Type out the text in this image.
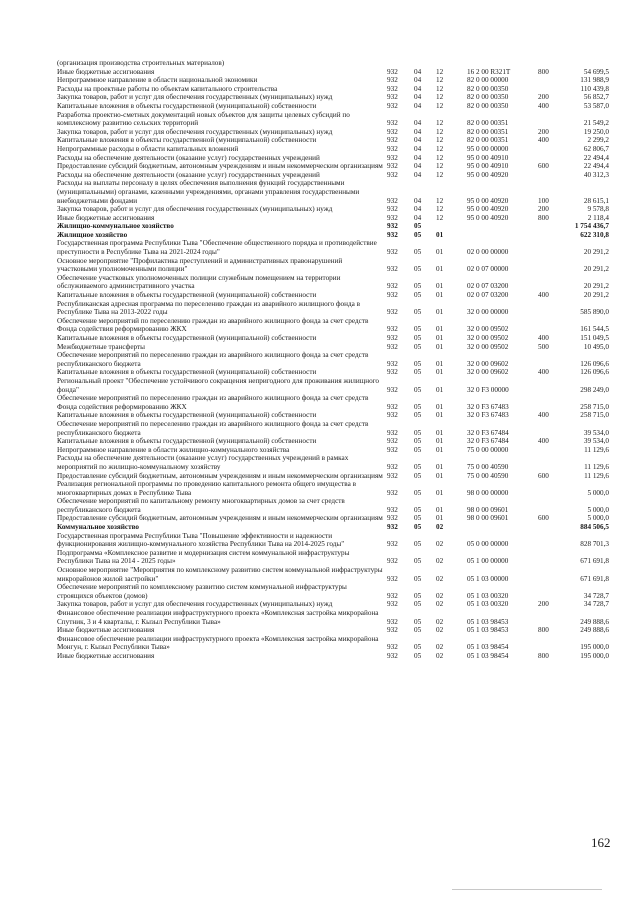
(организация производства строительных материалов)
Иные бюджетные ассигнования	932 04 12	16 2 00 R321T	800	54 699,5
Непрограммное направление в области национальной экономики	932 04 12	82 0 00 00000	131 988,9
Расходы на проектные работы по объектам капитального строительства	932 04 12	82 0 00 00350	110 439,8
Закупка товаров, работ и услуг для обеспечения государственных (муниципальных) нужд	932 04 12	82 0 00 00350	200	56 852,7
Капитальные вложения в объекты государственной (муниципальной) собственности	932 04 12	82 0 00 00350	400	53 587,0
Разработка проектно-сметных документаций новых объектов для защиты целевых субсидий по комплексному развитию сельских территорий	932 04 12	82 0 00 00351	21 549,2
Закупка товаров, работ и услуг для обеспечения государственных (муниципальных) нужд	932 04 12	82 0 00 00351	200	19 250,0
Капитальные вложения в объекты государственной (муниципальной) собственности	932 04 12	82 0 00 00351	400	2 299,2
Непрограммные расходы в области капитальных вложений	932 04 12	95 0 00 00000	62 806,7
Расходы на обеспечение деятельности (оказание услуг) государственных учреждений	932 04 12	95 0 00 40910	22 494,4
Предоставление субсидий бюджетным, автономным учреждениям и иным некоммерческим организациям 932 04 12	95 0 00 40910	600	22 494,4
Расходы на обеспечение деятельности (оказание услуг) государственных учреждений	932 04 12	95 0 00 40920	40 312,3
Расходы на выплаты персоналу в целях обеспечения выполнения функций государственными (муниципальными) органами, казенными учреждениями, органами управления государственными внебюджетными фондами	932 04 12	95 0 00 40920	100	28 615,1
Закупка товаров, работ и услуг для обеспечения государственных (муниципальных) нужд	932 04 12	95 0 00 40920	200	9 578,8
Иные бюджетные ассигнования	932 04 12	95 0 00 40920	800	2 118,4
Жилищно-коммунальное хозяйство	932 05	1 754 436,7
Жилищное хозяйство	932 05 01	622 310,8
Государственная программа Республики Тыва "Обеспечение общественного порядка и противодействие преступности в Республике Тыва на 2021-2024 годы"	932 05 01	02 0 00 00000	20 291,2
Основное мероприятие "Профилактика преступлений и административных правонарушений участковыми уполномоченными полиции"	932 05 01	02 0 07 00000	20 291,2
Обеспечение участковых уполномоченных полиции служебным помещением на территории обслуживаемого административного участка	932 05 01	02 0 07 03200	20 291,2
Капитальные вложения в объекты государственной (муниципальной) собственности	932 05 01	02 0 07 03200	400	20 291,2
Республиканская адресная программа по переселению граждан из аварийного жилищного фонда в Республике Тыва на 2013-2022 годы	932 05 01	32 0 00 00000	585 890,0
Обеспечение мероприятий по переселению граждан из аварийного жилищного фонда за счет средств Фонда содействия реформированию ЖКХ	932 05 01	32 0 00 09502	161 544,5
Капитальные вложения в объекты государственной (муниципальной) собственности	932 05 01	32 0 00 09502	400	151 049,5
Межбюджетные трансферты	932 05 01	32 0 00 09502	500	10 495,0
Обеспечение мероприятий по переселению граждан из аварийного жилищного фонда за счет средств республиканского бюджета	932 05 01	32 0 00 09602	126 096,6
Капитальные вложения в объекты государственной (муниципальной) собственности	932 05 01	32 0 00 09602	400	126 096,6
Региональный проект "Обеспечение устойчивого сокращения непригодного для проживания жилищного фонда"	932 05 01	32 0 F3 00000	298 249,0
Обеспечение мероприятий по переселению граждан из аварийного жилищного фонда за счет средств Фонда содействия реформированию ЖКХ	932 05 01	32 0 F3 67483	258 715,0
Капитальные вложения в объекты государственной (муниципальной) собственности	932 05 01	32 0 F3 67483	400	258 715,0
Обеспечение мероприятий по переселению граждан из аварийного жилищного фонда за счет средств республиканского бюджета	932 05 01	32 0 F3 67484	39 534,0
Капитальные вложения в объекты государственной (муниципальной) собственности	932 05 01	32 0 F3 67484	400	39 534,0
Непрограммное направление в области жилищно-коммунального хозяйства	932 05 01	75 0 00 00000	11 129,6
Расходы на обеспечение деятельности (оказание услуг) государственных учреждений в рамках мероприятий по жилищно-коммунальному хозяйству	932 05 01	75 0 00 40590	11 129,6
Предоставление субсидий бюджетным, автономным учреждениям и иным некоммерческим организациям 932 05 01	75 0 00 40590	600	11 129,6
Реализация региональной программы по проведению капитального ремонта общего имущества в многоквартирных домах в Республике Тыва	932 05 01	98 0 00 00000	5 000,0
Обеспечение мероприятий по капитальному ремонту многоквартирных домов за счет средств республиканского бюджета	932 05 01	98 0 00 09601	5 000,0
Предоставление субсидий бюджетным, автономным учреждениям и иным некоммерческим организациям 932 05 01	98 0 00 09601	600	5 000,0
Коммунальное хозяйство	932 05 02	884 506,5
Государственная программа Республики Тыва "Повышение эффективности и надежности функционирования жилищно-коммунального хозяйства Республики Тыва на 2014-2025 годы"	932 05 02	05 0 00 00000	828 701,3
Подпрограмма «Комплексное развитие и модернизация систем коммунальной инфраструктуры Республики Тыва на 2014 - 2025 годы»	932 05 02	05 1 00 00000	671 691,8
Основное мероприятие "Мероприятия по комплексному развитию систем коммунальной инфраструктуры микрорайонов жилой застройки"	932 05 02	05 1 03 00000	671 691,8
Обеспечение мероприятий по комплексному развитию систем коммунальной инфраструктуры строящихся объектов (домов)	932 05 02	05 1 03 00320	34 728,7
Закупка товаров, работ и услуг для обеспечения государственных (муниципальных) нужд	932 05 02	05 1 03 00320	200	34 728,7
Финансовое обеспечение реализации инфраструктурного проекта «Комплексная застройка микрорайона Спутник, 3 и 4 кварталы, г. Кызыл Республики Тыва»	932 05 02	05 1 03 98453	249 888,6
Иные бюджетные ассигнования	932 05 02	05 1 03 98453	800	249 888,6
Финансовое обеспечение реализации инфраструктурного проекта «Комплексная застройка микрорайона Монгун, г. Кызыл Республики Тыва»	932 05 02	05 1 03 98454	195 000,0
Иные бюджетные ассигнования	932 05 02	05 1 03 98454	800	195 000,0
162
